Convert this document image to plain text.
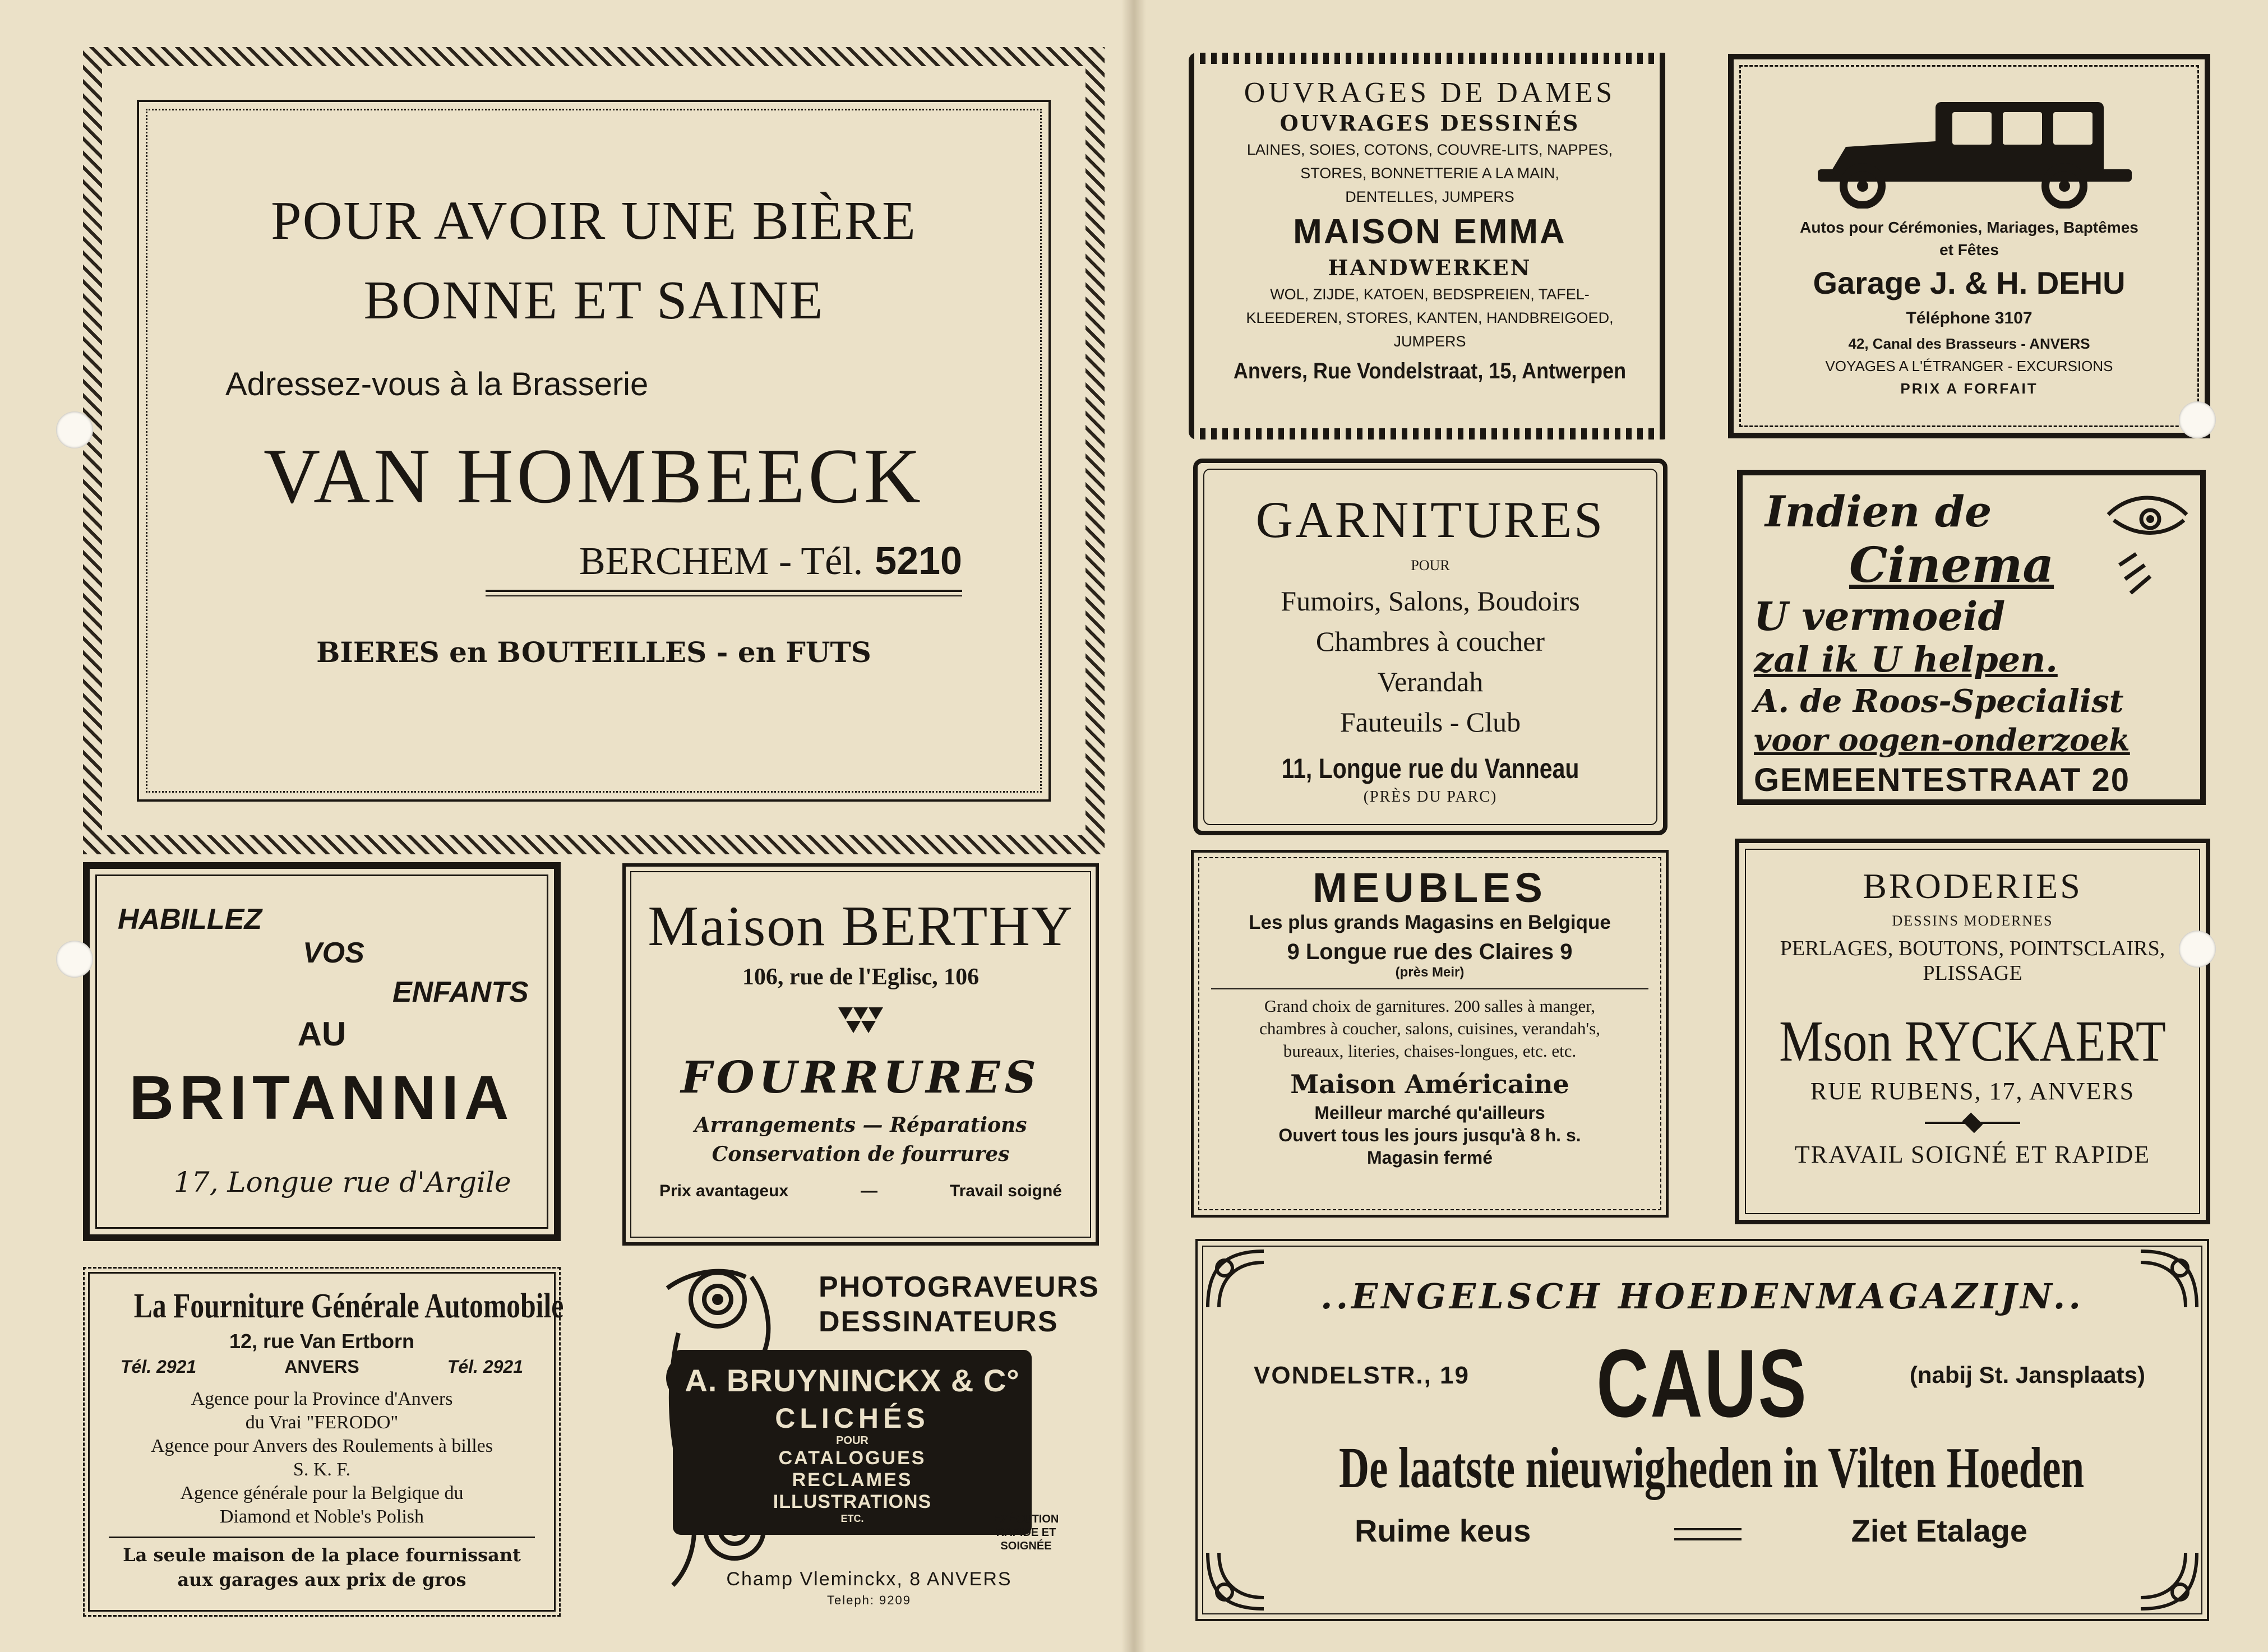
POUR AVOIR UNE BIÈRE
BONNE ET SAINE
Adressez-vous à la Brasserie
VAN HOMBEECK
BERCHEM - Tél. 5210
BIERES en BOUTEILLES - en FUTS
HABILLEZ
VOS
ENFANTS
AU
BRITANNIA
17, Longue rue d'Argile
Maison BERTHY
106, rue de l'Eglisc, 106
FOURRURES
Arrangements — Réparations
Conservation de fourrures
Prix avantageux	—	Travail soigné
La Fourniture Générale Automobile
12, rue Van Ertborn
Tél. 2921	ANVERS	Tél. 2921
Agence pour la Province d'Anvers
du Vrai "FERODO"
Agence pour Anvers des Roulements à billes
S. K. F.
Agence générale pour la Belgique du
Diamond et Noble's Polish
La seule maison de la place fournissant
aux garages aux prix de gros
PHOTOGRAVEURS
DESSINATEURS
A. BRUYNINCKX & C°
CLICHÉS
POUR
CATALOGUES
RECLAMES
ILLUSTRATIONS
ETC.	EXÉCUTION
RAPIDE ET
SOIGNÉE
Champ Vleminckx, 8 ANVERS
Teleph: 9209
OUVRAGES DE DAMES
OUVRAGES DESSINÉS
LAINES, SOIES, COTONS, COUVRE-LITS, NAPPES,
STORES, BONNETTERIE A LA MAIN,
DENTELLES, JUMPERS
MAISON EMMA
HANDWERKEN
WOL, ZIJDE, KATOEN, BEDSPREIEN, TAFEL-
KLEEDEREN, STORES, KANTEN, HANDBREIGOED,
JUMPERS
Anvers, Rue Vondelstraat, 15, Antwerpen
Autos pour Cérémonies, Mariages, Baptêmes
et Fêtes
Garage J. & H. DEHU
Téléphone 3107
42, Canal des Brasseurs - ANVERS
VOYAGES A L'ÉTRANGER - EXCURSIONS
PRIX A FORFAIT
GARNITURES
POUR
Fumoirs, Salons, Boudoirs
Chambres à coucher
Verandah
Fauteuils - Club
11, Longue rue du Vanneau
(PRÈS DU PARC)
Indien de
Cinema
U vermoeid
zal ik U helpen.
A. de Roos-Specialist
voor oogen-onderzoek
GEMEENTESTRAAT 20
MEUBLES
Les plus grands Magasins en Belgique
9 Longue rue des Claires 9
(près Meir)
Grand choix de garnitures. 200 salles à manger,
chambres à coucher, salons, cuisines, verandah's,
bureaux, literies, chaises-longues, etc. etc.
Maison Américaine
Meilleur marché qu'ailleurs
Ouvert tous les jours jusqu'à 8 h. s.
Magasin fermé
BRODERIES
DESSINS MODERNES
PERLAGES, BOUTONS, POINTSCLAIRS,
PLISSAGE
Mson RYCKAERT
RUE RUBENS, 17, ANVERS
TRAVAIL SOIGNÉ ET RAPIDE
..ENGELSCH HOEDENMAGAZIJN..
VONDELSTR., 19	CAUS	(nabij St. Jansplaats)
De laatste nieuwigheden in Vilten Hoeden
Ruime keus	Ziet Etalage
